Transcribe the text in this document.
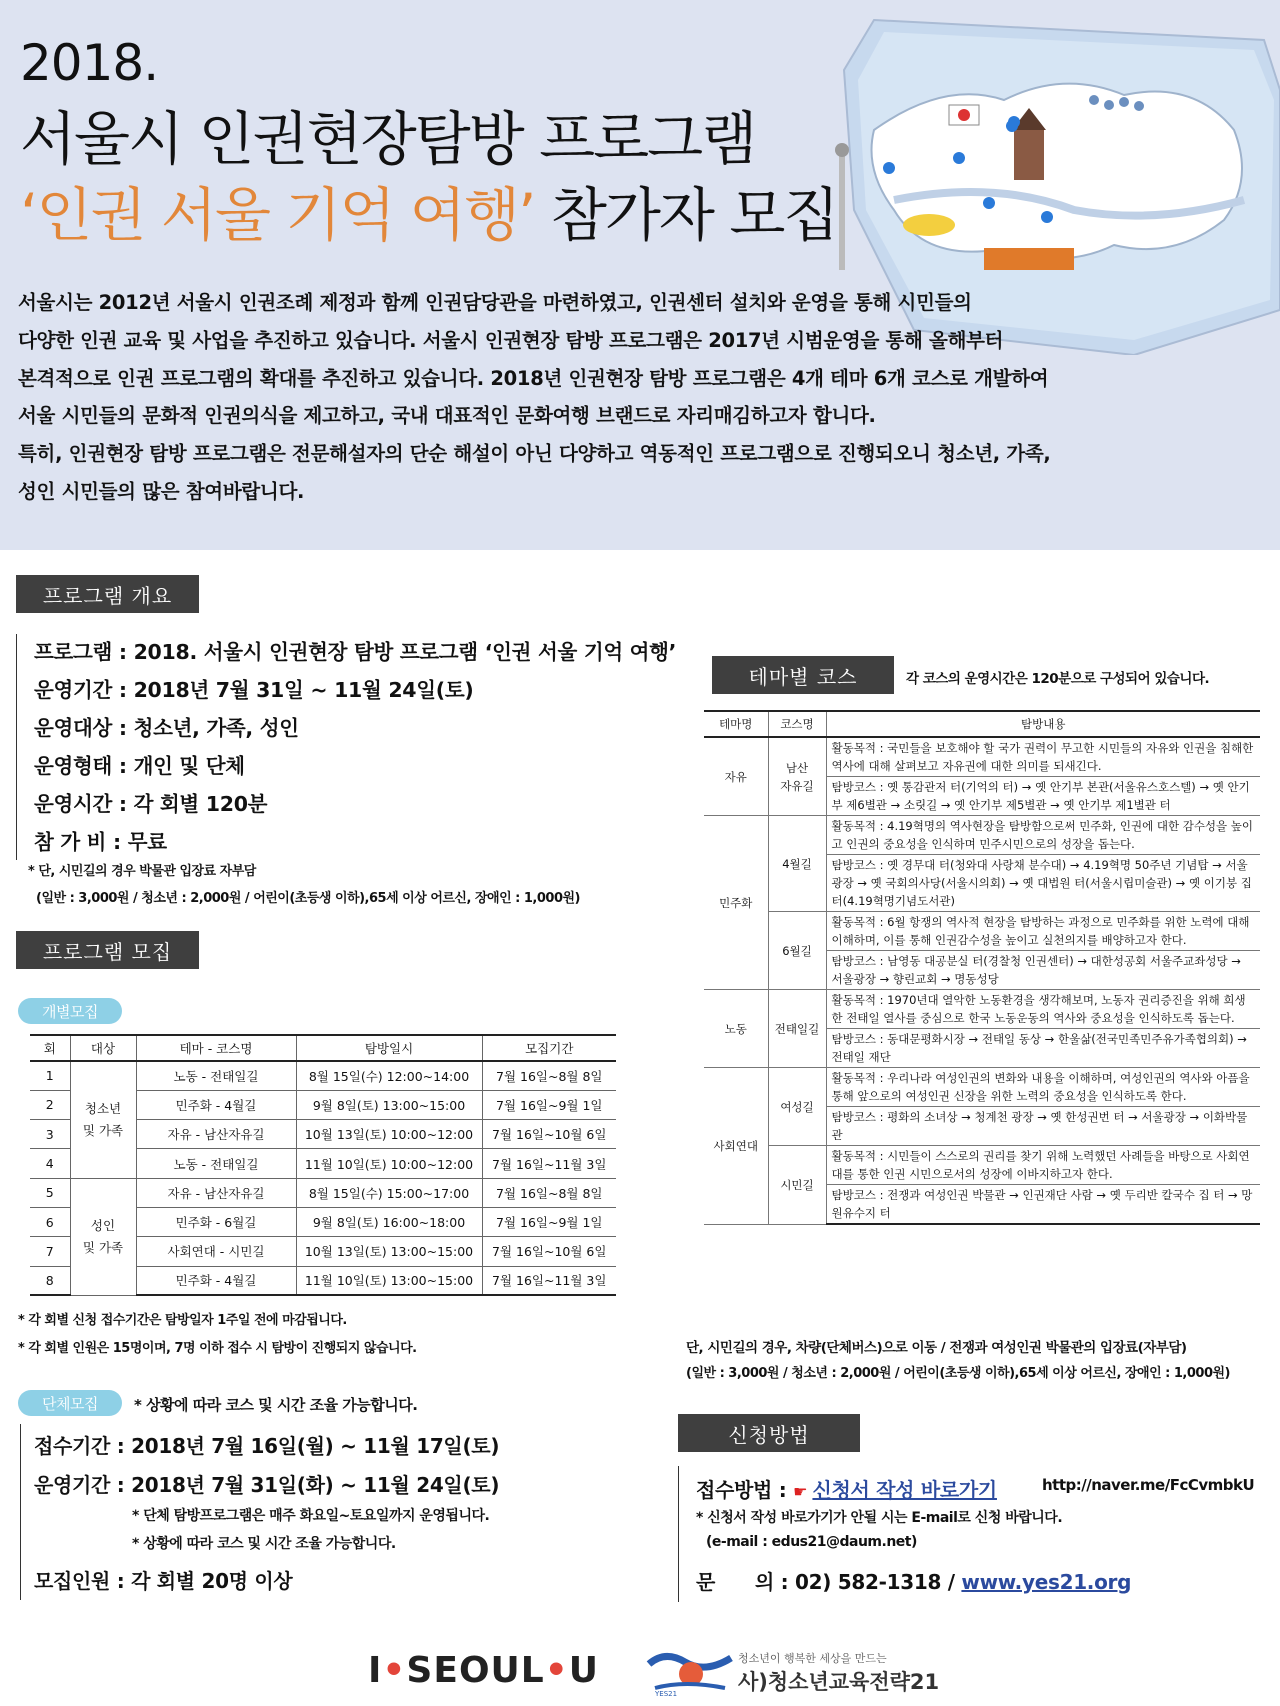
2018.
서울시 인권현장탐방 프로그램
‘인권 서울 기억 여행’ 참가자 모집
서울시는 2012년 서울시 인권조례 제정과 함께 인권담당관을 마련하였고, 인권센터 설치와 운영을 통해 시민들의
다양한 인권 교육 및 사업을 추진하고 있습니다. 서울시 인권현장 탐방 프로그램은 2017년 시범운영을 통해 올해부터
본격적으로 인권 프로그램의 확대를 추진하고 있습니다. 2018년 인권현장 탐방 프로그램은 4개 테마 6개 코스로 개발하여
서울 시민들의 문화적 인권의식을 제고하고, 국내 대표적인 문화여행 브랜드로 자리매김하고자 합니다.
특히, 인권현장 탐방 프로그램은 전문해설자의 단순 해설이 아닌 다양하고 역동적인 프로그램으로 진행되오니 청소년, 가족,
성인 시민들의 많은 참여바랍니다.
프로그램 개요
프로그램 : 2018. 서울시 인권현장 탐방 프로그램 ‘인권 서울 기억 여행’
운영기간 : 2018년 7월 31일 ~ 11월 24일(토)
운영대상 : 청소년, 가족, 성인
운영형태 : 개인 및 단체
운영시간 : 각 회별 120분
참 가 비 : 무료
* 단, 시민길의 경우 박물관 입장료 자부담
(일반 : 3,000원 / 청소년 : 2,000원 / 어린이(초등생 이하),65세 이상 어르신, 장애인 : 1,000원)
프로그램 모집
개별모집
회	대상	테마 - 코스명	탐방일시	모집기간
1	청소년
및 가족	노동 - 전태일길	8월 15일(수) 12:00~14:00	7월 16일~8월 8일
2		민주화 - 4월길	9월 8일(토) 13:00~15:00	7월 16일~9월 1일
3		자유 - 남산자유길	10월 13일(토) 10:00~12:00	7월 16일~10월 6일
4		노동 - 전태일길	11월 10일(토) 10:00~12:00	7월 16일~11월 3일
5	성인
및 가족	자유 - 남산자유길	8월 15일(수) 15:00~17:00	7월 16일~8월 8일
6		민주화 - 6월길	9월 8일(토) 16:00~18:00	7월 16일~9월 1일
7		사회연대 - 시민길	10월 13일(토) 13:00~15:00	7월 16일~10월 6일
8		민주화 - 4월길	11월 10일(토) 13:00~15:00	7월 16일~11월 3일
* 각 회별 신청 접수기간은 탐방일자 1주일 전에 마감됩니다.
* 각 회별 인원은 15명이며, 7명 이하 접수 시 탐방이 진행되지 않습니다.
단체모집	* 상황에 따라 코스 및 시간 조율 가능합니다.
접수기간 : 2018년 7월 16일(월) ~ 11월 17일(토)
운영기간 : 2018년 7월 31일(화) ~ 11월 24일(토)
* 단체 탐방프로그램은 매주 화요일~토요일까지 운영됩니다.
* 상황에 따라 코스 및 시간 조율 가능합니다.
모집인원 : 각 회별 20명 이상
테마별 코스	각 코스의 운영시간은 120분으로 구성되어 있습니다.
테마명	코스명	탐방내용
자유	남산
자유길	활동목적 : 국민들을 보호해야 할 국가 권력이 무고한 시민들의 자유와 인권을 침해한 역사에 대해 살펴보고 자유권에 대한 의미를 되새긴다.
		탐방코스 : 옛 통감관저 터(기억의 터) → 옛 안기부 본관(서울유스호스텔) → 옛 안기부 제6별관 → 소릿길 → 옛 안기부 제5별관 → 옛 안기부 제1별관 터
민주화	4월길	활동목적 : 4.19혁명의 역사현장을 탐방함으로써 민주화, 인권에 대한 감수성을 높이고 인권의 중요성을 인식하며 민주시민으로의 성장을 돕는다.
		탐방코스 : 옛 경무대 터(청와대 사랑채 분수대) → 4.19혁명 50주년 기념탑 → 서울광장 → 옛 국회의사당(서울시의회) → 옛 대법원 터(서울시립미술관) → 옛 이기붕 집 터(4.19혁명기념도서관)
	6월길	활동목적 : 6월 항쟁의 역사적 현장을 탐방하는 과정으로 민주화를 위한 노력에 대해 이해하며, 이를 통해 인권감수성을 높이고 실천의지를 배양하고자 한다.
		탐방코스 : 남영동 대공분실 터(경찰청 인권센터) → 대한성공회 서울주교좌성당 → 서울광장 → 향린교회 → 명동성당
노동	전태일길	활동목적 : 1970년대 열악한 노동환경을 생각해보며, 노동자 권리증진을 위해 희생한 전태일 열사를 중심으로 한국 노동운동의 역사와 중요성을 인식하도록 돕는다.
		탐방코스 : 동대문평화시장 → 전태일 동상 → 한울삶(전국민족민주유가족협의회) → 전태일 재단
사회연대	여성길	활동목적 : 우리나라 여성인권의 변화와 내용을 이해하며, 여성인권의 역사와 아픔을 통해 앞으로의 여성인권 신장을 위한 노력의 중요성을 인식하도록 한다.
		탐방코스 : 평화의 소녀상 → 청계천 광장 → 옛 한성권번 터 → 서울광장 → 이화박물관
	시민길	활동목적 : 시민들이 스스로의 권리를 찾기 위해 노력했던 사례들을 바탕으로 사회연대를 통한 인권 시민으로서의 성장에 이바지하고자 한다.
		탐방코스 : 전쟁과 여성인권 박물관 → 인권재단 사람 → 옛 두리반 칼국수 집 터 → 망원유수지 터
단, 시민길의 경우, 차량(단체버스)으로 이동 / 전쟁과 여성인권 박물관의 입장료(자부담)
(일반 : 3,000원 / 청소년 : 2,000원 / 어린이(초등생 이하),65세 이상 어르신, 장애인 : 1,000원)
신청방법
접수방법 : ☛ 신청서 작성 바로가기	http://naver.me/FcCvmbkU
* 신청서 작성 바로가기가 안될 시는 E-mail로 신청 바랍니다.
(e-mail : edus21@daum.net)
문      의 : 02) 582-1318 / www.yes21.org
I•SEOUL•U	청소년이 행복한 세상을 만드는
사)청소년교육전략21
YES21
